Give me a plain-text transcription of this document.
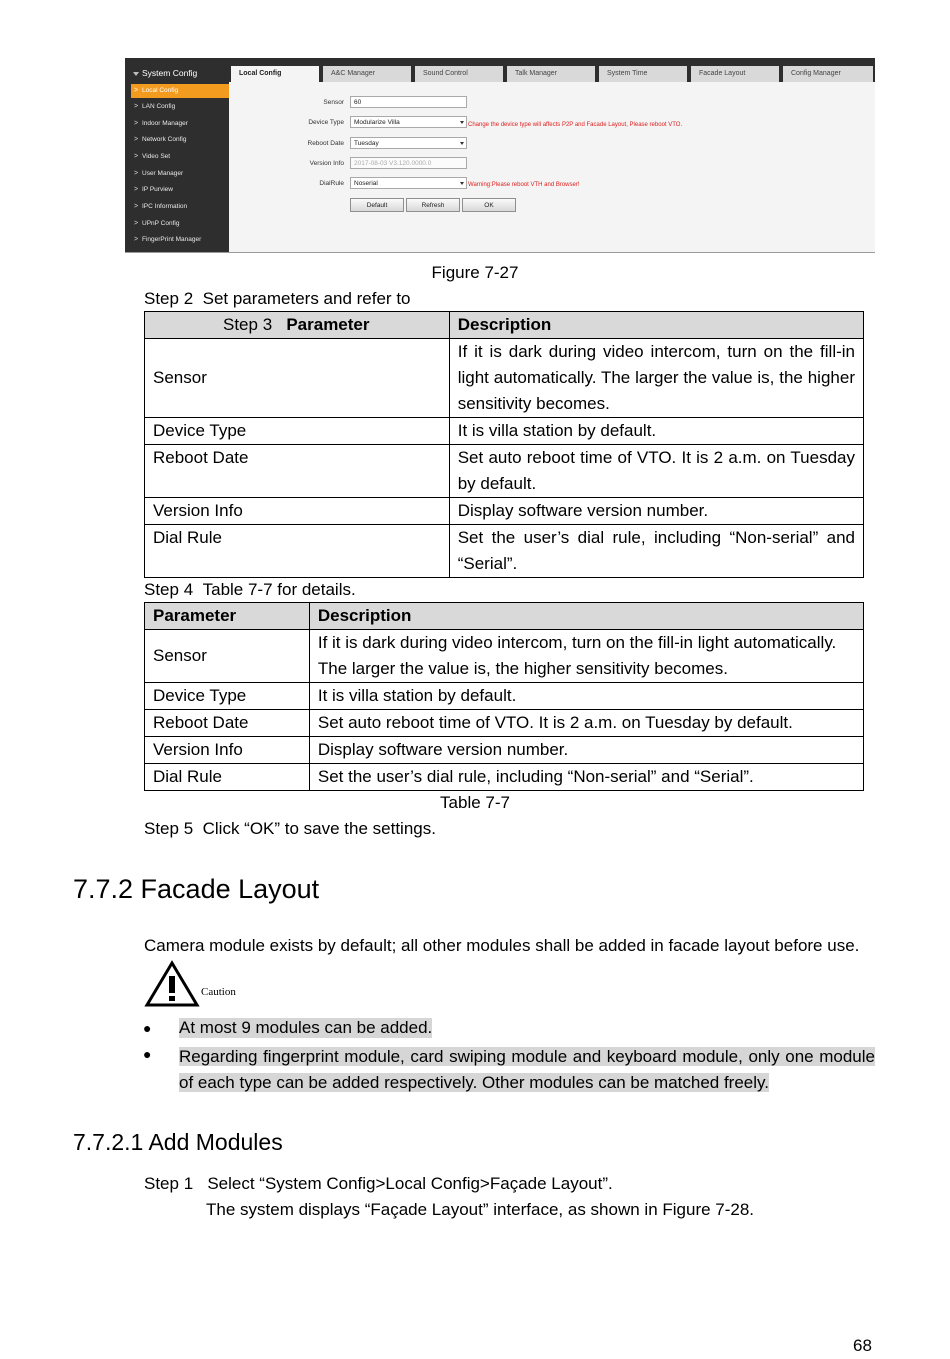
System Config
> Local Config
> LAN Config
> Indoor Manager
> Network Config
> Video Set
> User Manager
> IP Purview
> IPC Information
> UPnP Config
> FingerPrint Manager
Local Config	A&C Manager	Sound Control	Talk Manager	System Time	Facade Layout	Config Manager
Sensor	60
Device Type	Modularize Villa	Change the device type will affects P2P and Facade Layout, Please reboot VTO.
Reboot Date	Tuesday
Version Info	2017-08-03 V3.120.0000.0
DialRule	Noserial	Warning:Please reboot VTH and Browser!
Default	Refresh	OK
Figure 7-27
Step 2 Set parameters and refer to
Step 3 Parameter	Description
Sensor	If it is dark during video intercom, turn on the fill-in light automatically. The larger the value is, the higher sensitivity becomes.
Device Type	It is villa station by default.
Reboot Date	Set auto reboot time of VTO. It is 2 a.m. on Tuesday by default.
Version Info	Display software version number.
Dial Rule	Set the user’s dial rule, including “Non-serial” and “Serial”.
Step 4 Table 7-7 for details.
Parameter	Description
Sensor	If it is dark during video intercom, turn on the fill-in light automatically. The larger the value is, the higher sensitivity becomes.
Device Type	It is villa station by default.
Reboot Date	Set auto reboot time of VTO. It is 2 a.m. on Tuesday by default.
Version Info	Display software version number.
Dial Rule	Set the user’s dial rule, including “Non-serial” and “Serial”.
Table 7-7
Step 5 Click “OK” to save the settings.
7.7.2 Facade Layout
Camera module exists by default; all other modules shall be added in facade layout before use.
Caution
● At most 9 modules can be added.
● Regarding fingerprint module, card swiping module and keyboard module, only one module of each type can be added respectively. Other modules can be matched freely.
7.7.2.1 Add Modules
Step 1 Select “System Config>Local Config>Façade Layout”.
The system displays “Façade Layout” interface, as shown in Figure 7-28.
68
